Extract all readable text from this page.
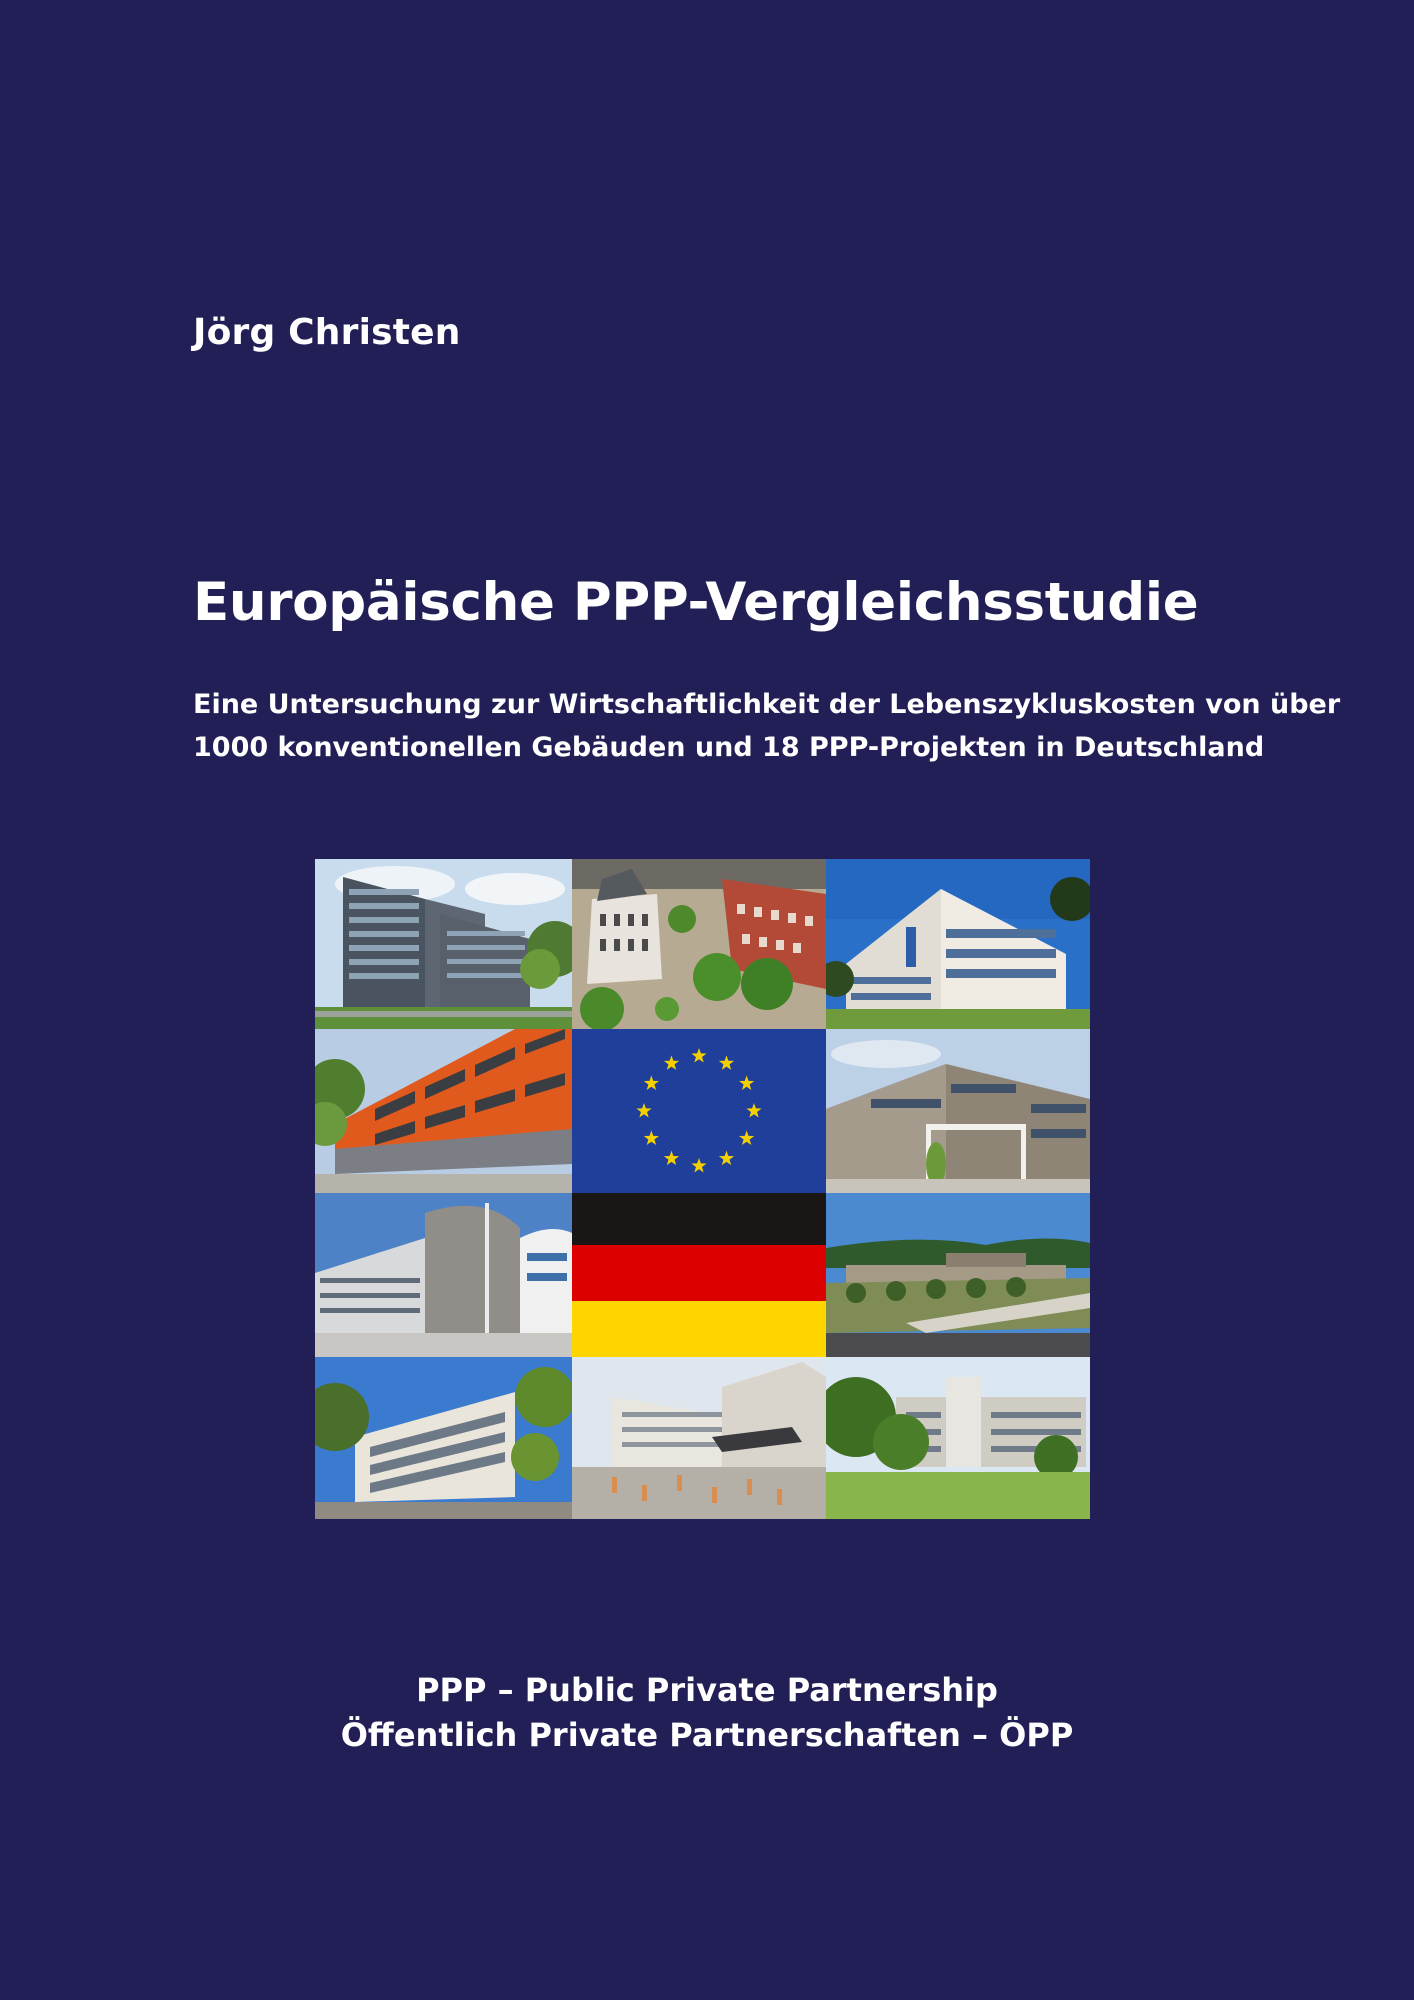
Jörg Christen
Europäische PPP-Vergleichsstudie
Eine Untersuchung zur Wirtschaftlichkeit der Lebenszykluskosten von über
1000 konventionellen Gebäuden und 18 PPP-Projekten in Deutschland
PPP – Public Private Partnership
Öffentlich Private Partnerschaften – ÖPP
